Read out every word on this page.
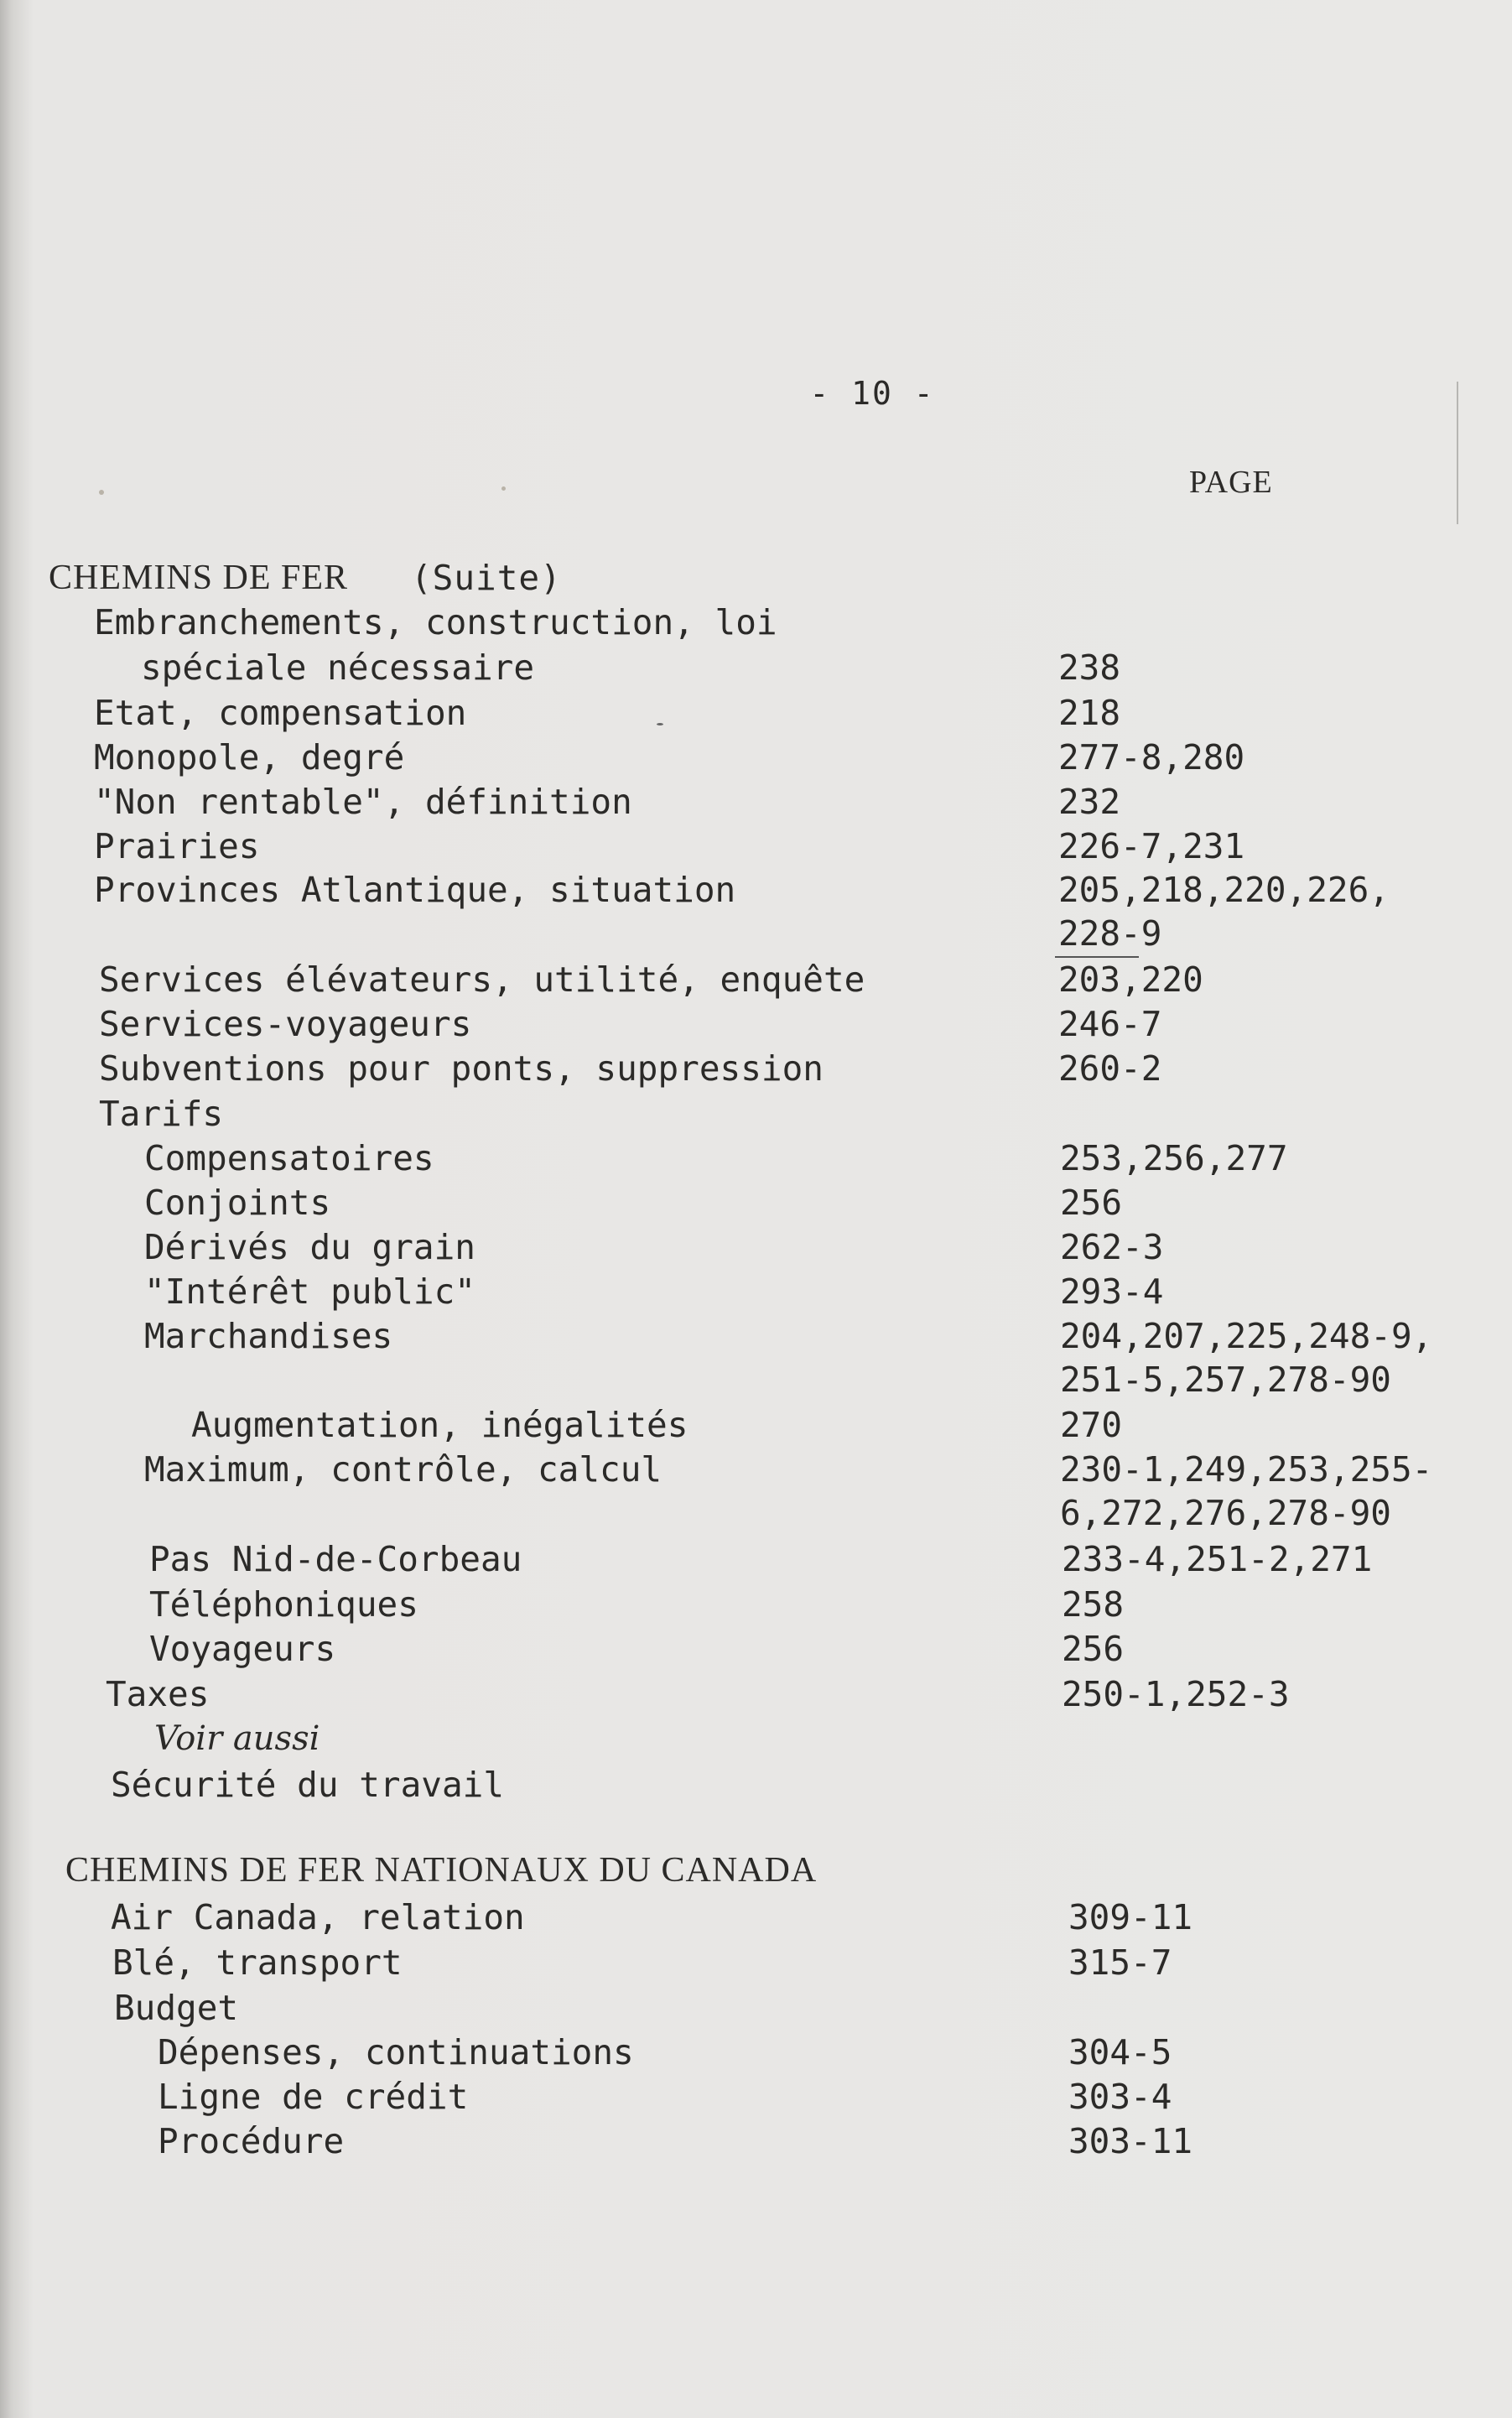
- 10 -
PAGE
CHEMINS DE FER (Suite)
Embranchements, construction, loi
spéciale nécessaire	238
Etat, compensation	218
Monopole, degré	277-8,280
"Non rentable", définition	232
Prairies	226-7,231
Provinces Atlantique, situation	205,218,220,226,
228-9
Services élévateurs, utilité, enquête	203,220
Services-voyageurs	246-7
Subventions pour ponts, suppression	260-2
Tarifs
Compensatoires	253,256,277
Conjoints	256
Dérivés du grain	262-3
"Intérêt public"	293-4
Marchandises	204,207,225,248-9,
251-5,257,278-90
Augmentation, inégalités	270
Maximum, contrôle, calcul	230-1,249,253,255-
6,272,276,278-90
Pas Nid-de-Corbeau	233-4,251-2,271
Téléphoniques	258
Voyageurs	256
Taxes	250-1,252-3
Voir aussi
Sécurité du travail
CHEMINS DE FER NATIONAUX DU CANADA
Air Canada, relation	309-11
Blé, transport	315-7
Budget
Dépenses, continuations	304-5
Ligne de crédit	303-4
Procédure	303-11
